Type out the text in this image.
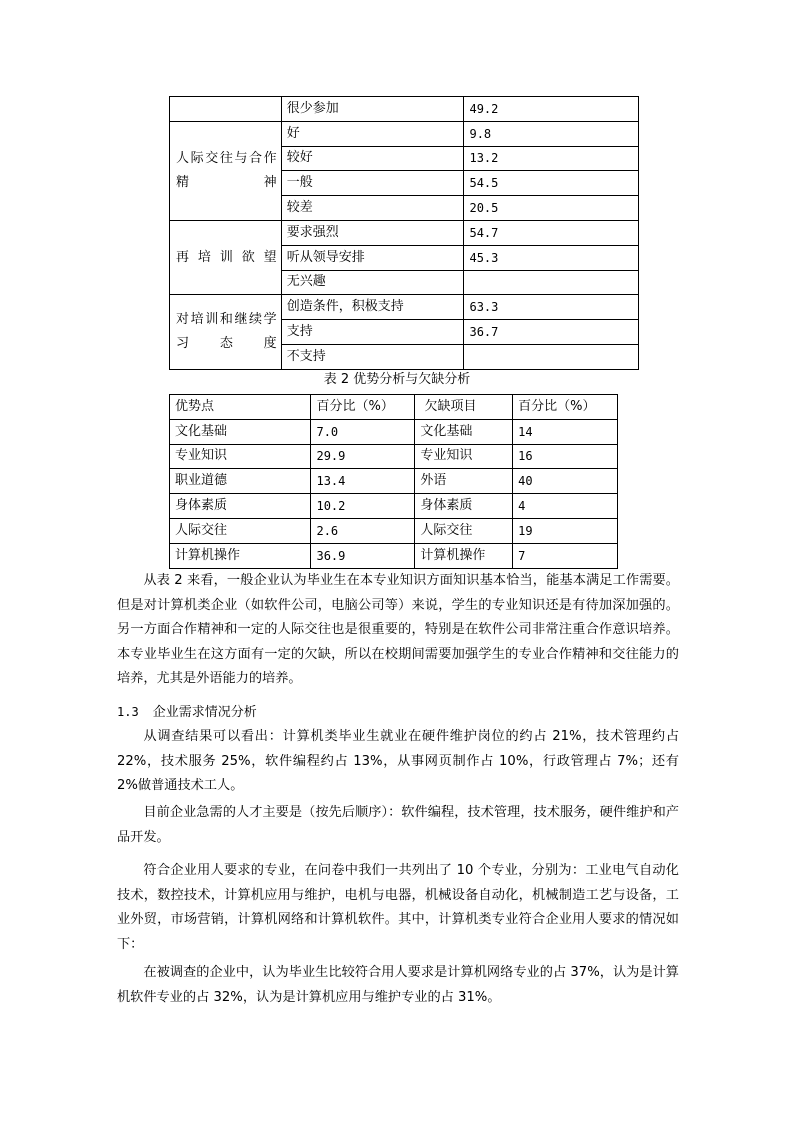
	很少参加	49.2
人际交往与合作精神	好	9.8
	较好	13.2
	一般	54.5
	较差	20.5
再培训欲望	要求强烈	54.7
	听从领导安排	45.3
	无兴趣	
对培训和继续学习态度	创造条件，积极支持	63.3
	支持	36.7
	不支持	
表 2 优势分析与欠缺分析
优势点	百分比（%）	欠缺项目	百分比（%）
文化基础	7.0	文化基础	14
专业知识	29.9	专业知识	16
职业道德	13.4	外语	40
身体素质	10.2	身体素质	4
人际交往	2.6	人际交往	19
计算机操作	36.9	计算机操作	7

从表 2 来看，一般企业认为毕业生在本专业知识方面知识基本恰当，能基本满足工作需要。但是对计算机类企业（如软件公司，电脑公司等）来说，学生的专业知识还是有待加深加强的。另一方面合作精神和一定的人际交往也是很重要的，特别是在软件公司非常注重合作意识培养。本专业毕业生在这方面有一定的欠缺，所以在校期间需要加强学生的专业合作精神和交往能力的培养，尤其是外语能力的培养。

1.3 企业需求情况分析

从调查结果可以看出：计算机类毕业生就业在硬件维护岗位的约占 21%，技术管理约占 22%，技术服务 25%，软件编程约占 13%，从事网页制作占 10%，行政管理占 7%；还有 2%做普通技术工人。

目前企业急需的人才主要是（按先后顺序）：软件编程，技术管理，技术服务，硬件维护和产品开发。

符合企业用人要求的专业，在问卷中我们一共列出了 10 个专业，分别为：工业电气自动化技术，数控技术，计算机应用与维护，电机与电器，机械设备自动化，机械制造工艺与设备，工业外贸，市场营销，计算机网络和计算机软件。其中，计算机类专业符合企业用人要求的情况如下：

在被调查的企业中，认为毕业生比较符合用人要求是计算机网络专业的占 37%，认为是计算机软件专业的占 32%，认为是计算机应用与维护专业的占 31%。
